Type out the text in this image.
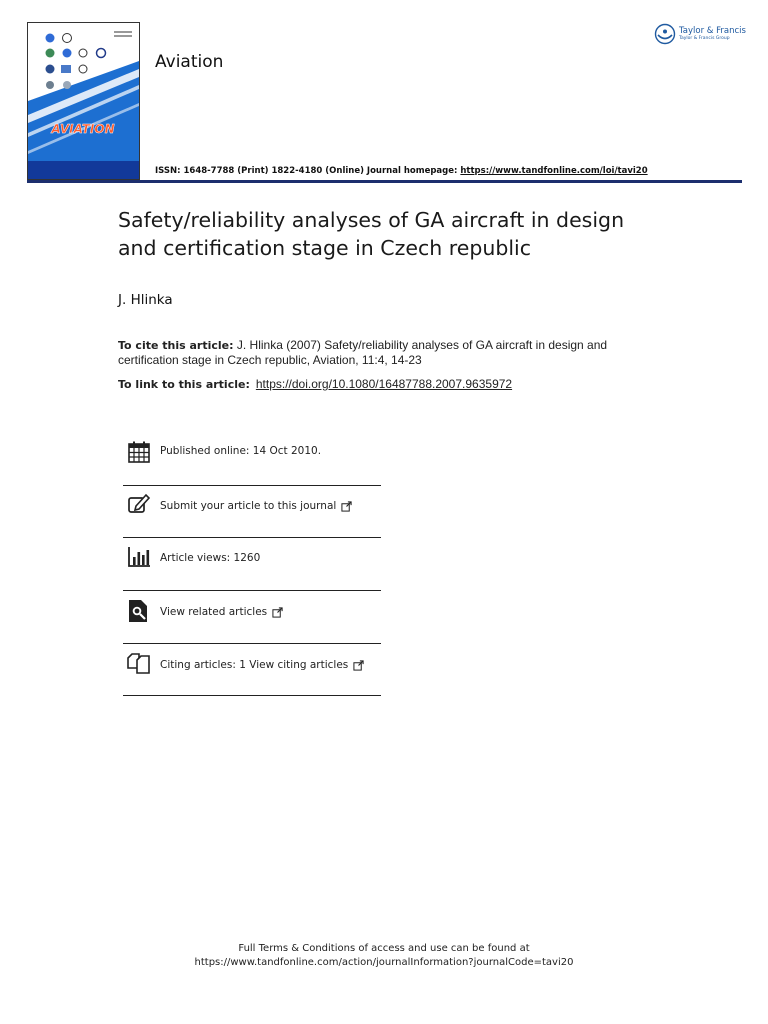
AVIATION
Aviation
Taylor & Francis
Taylor & Francis Group
ISSN: 1648-7788 (Print) 1822-4180 (Online) Journal homepage: https://www.tandfonline.com/loi/tavi20
Safety/reliability analyses of GA aircraft in design and certification stage in Czech republic
J. Hlinka
To cite this article: J. Hlinka (2007) Safety/reliability analyses of GA aircraft in design and certification stage in Czech republic, Aviation, 11:4, 14-23
To link to this article: https://doi.org/10.1080/16487788.2007.9635972
Published online: 14 Oct 2010.
Submit your article to this journal
Article views: 1260
View related articles
Citing articles: 1 View citing articles
Full Terms & Conditions of access and use can be found at
https://www.tandfonline.com/action/journalInformation?journalCode=tavi20
